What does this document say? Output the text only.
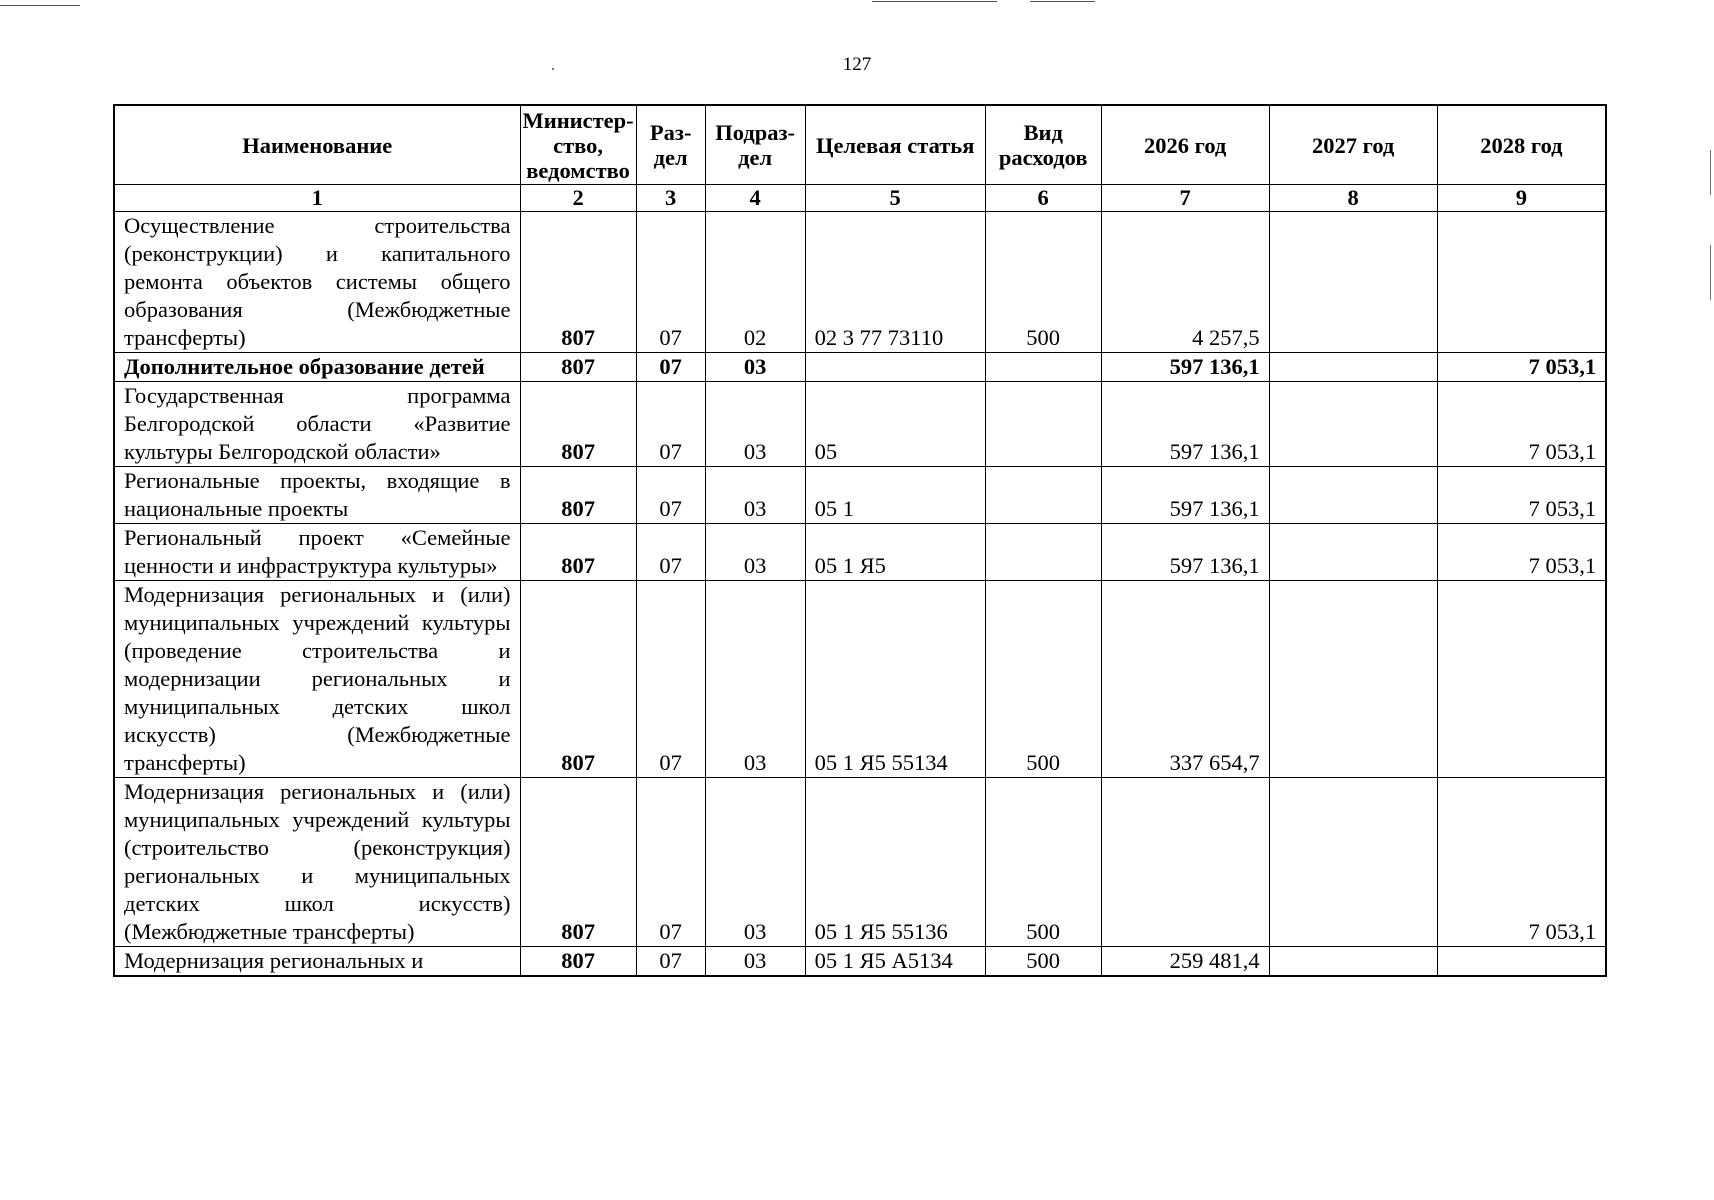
127
Наименование	Министер-ство, ведомство	Раз-дел	Подраз-дел	Целевая статья	Вид расходов	2026 год	2027 год	2028 год
1	2	3	4	5	6	7	8	9
Осуществление строительства (реконструкции) и капитального ремонта объектов системы общего образования (Межбюджетные трансферты)	807	07	02	02 3 77 73110	500	4 257,5		
Дополнительное образование детей	807	07	03			597 136,1		7 053,1
Государственная программа Белгородской области «Развитие культуры Белгородской области»	807	07	03	05		597 136,1		7 053,1
Региональные проекты, входящие в национальные проекты	807	07	03	05 1		597 136,1		7 053,1
Региональный проект «Семейные ценности и инфраструктура культуры»	807	07	03	05 1 Я5		597 136,1		7 053,1
Модернизация региональных и (или) муниципальных учреждений культуры (проведение строительства и модернизации региональных и муниципальных детских школ искусств) (Межбюджетные трансферты)	807	07	03	05 1 Я5 55134	500	337 654,7		
Модернизация региональных и (или) муниципальных учреждений культуры (строительство (реконструкция) региональных и муниципальных детских школ искусств) (Межбюджетные трансферты)	807	07	03	05 1 Я5 55136	500			7 053,1
Модернизация региональных и	807	07	03	05 1 Я5 А5134	500	259 481,4		
